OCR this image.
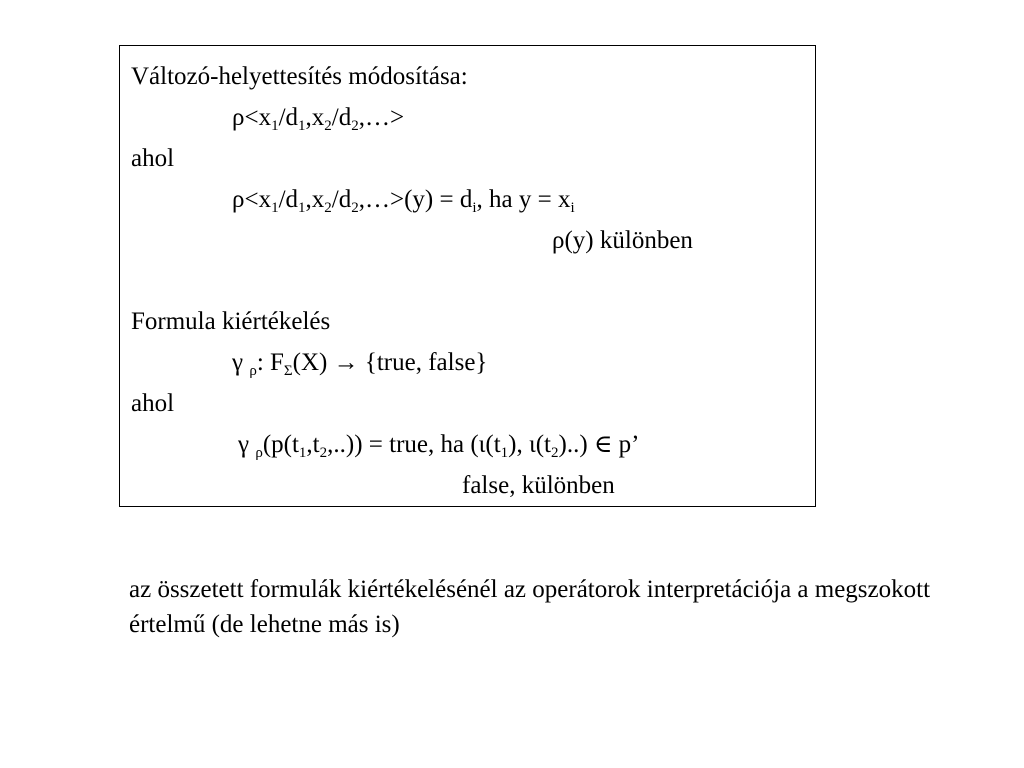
Változó-helyettesítés módosítása:
$\rho<x_1/d_1,x_2/d_2,\dots>$
ahol
$\rho<x_1/d_1,x_2/d_2,\dots>(y) = d_i$, ha $y = x_i$
ρ(y) különben
Formula kiértékelés
γ $_\rho$: $F_\Sigma(X)$ → {true, false}
ahol
γ $_\rho(p(t_1,t_2,..))$ = true, ha ($\iota(t_1)$, $\iota(t_2)$..) ∈ p’
false, különben
az összetett formulák kiértékelésénél az operátorok interpretációja a megszokott értelmű (de lehetne más is)
